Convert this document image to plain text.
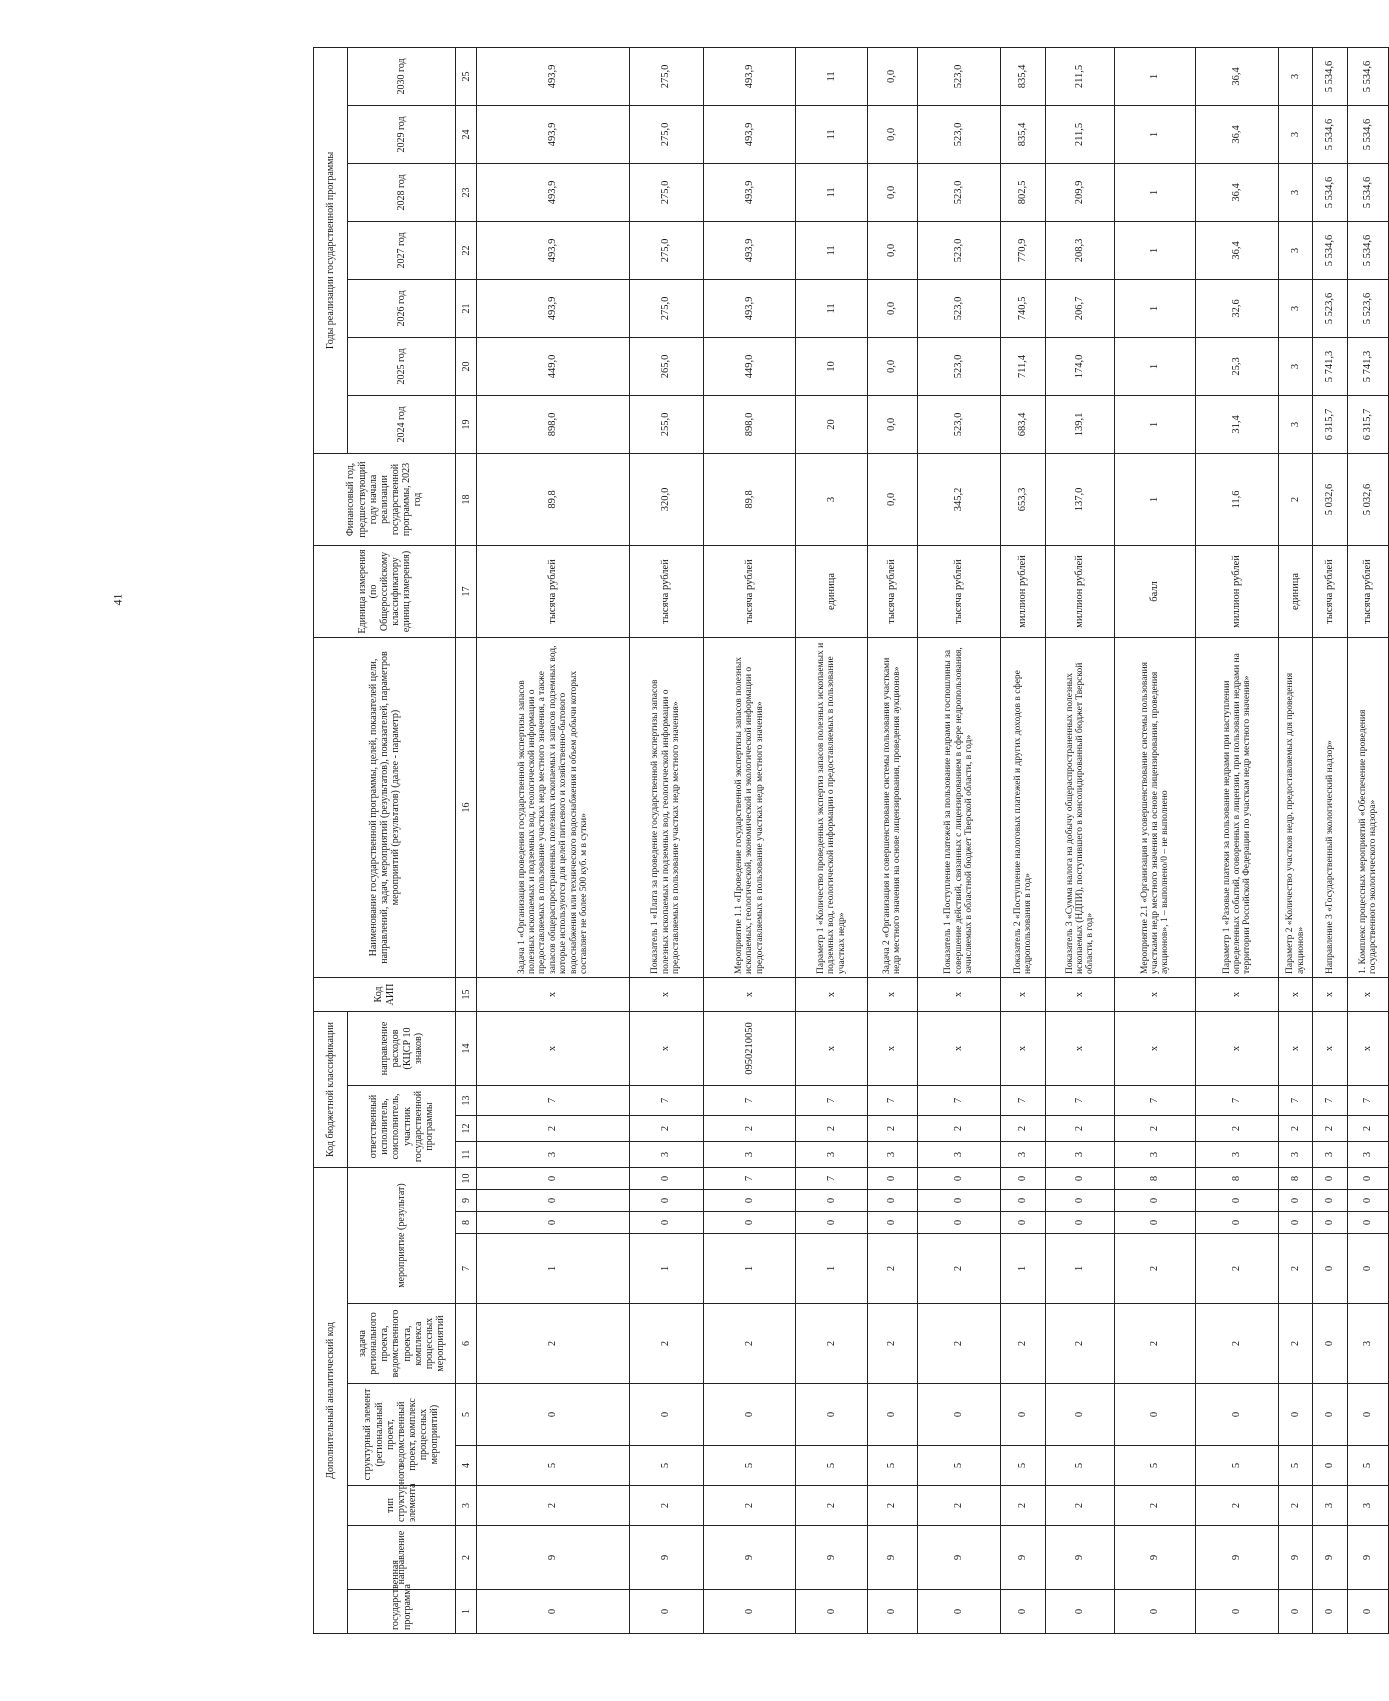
41
Дополнительный аналитический код										Код бюджетной классификации				Код АИП	Наименование государственной программы, целей, показателей цели, направлений, задач, мероприятий (результатов), показателей, параметров мероприятий (результатов) (далее - параметр)	Единица измерения (по Общероссийскому классификатору единиц измерения)	Финансовый год, предшествующий году начала реализации государственной программы, 2023 год	Годы реализации государственной программы						
государственная программа	направление	тип структурного элемента	структурный элемент (региональный проект, ведомственный проект, комплекс процессных мероприятий)		задача регионального проекта, ведомственного проекта, комплекса процессных мероприятий	мероприятие (результат)				ответственный исполнитель, соисполнитель, участник государственной программы			направление расходов (КЦСР 10 знаков)					2024 год	2025 год	2026 год	2027 год	2028 год	2029 год	2030 год

1	2	3	4	5	6	7	8	9	10	11	12	13	14	15	16	17	18	19	20	21	22	23	24	25
0	9	2	5	0	2	1	0	0	0	3	2	7	x	x	Задача 1 «Организация проведения государственной экспертизы запасов полезных ископаемых и подземных вод, геологической информации о предоставляемых в пользование участках недр местного значения, а также запасов общераспространенных полезных ископаемых и запасов подземных вод, которые используются для целей питьевого и хозяйственно-бытового водоснабжения или технического водоснабжения и объем добычи которых составляет не более 500 куб. м в сутки»	тысяча рублей	89,8	898,0	449,0	493,9	493,9	493,9	493,9	493,9
0	9	2	5	0	2	1	0	0	0	3	2	7	x	x	Показатель 1 «Плата за проведение государственной экспертизы запасов полезных ископаемых и подземных вод, геологической информации о предоставляемых в пользование участках недр местного значения»	тысяча рублей	320,0	255,0	265,0	275,0	275,0	275,0	275,0	275,0
0	9	2	5	0	2	1	0	0	7	3	2	7	0950210050	x	Мероприятие 1.1 «Проведение государственной экспертизы запасов полезных ископаемых, геологической, экономической и экологической информации о предоставляемых в пользование участках недр местного значения»	тысяча рублей	89,8	898,0	449,0	493,9	493,9	493,9	493,9	493,9
0	9	2	5	0	2	1	0	0	7	3	2	7	x	x	Параметр 1 «Количество проведенных экспертиз запасов полезных ископаемых и подземных вод, геологической информации о предоставляемых в пользование участках недр»	единица	3	20	10	11	11	11	11	11
0	9	2	5	0	2	2	0	0	0	3	2	7	x	x	Задача 2 «Организация и совершенствование системы пользования участками недр местного значения на основе лицензирования, проведения аукционов»	тысяча рублей	0,0	0,0	0,0	0,0	0,0	0,0	0,0	0,0
0	9	2	5	0	2	2	0	0	0	3	2	7	x	x	Показатель 1 «Поступление платежей за пользование недрами и госпошлины за совершение действий, связанных с лицензированием в сфере недропользования, зачисляемых в областной бюджет Тверской области, в год»	тысяча рублей	345,2	523,0	523,0	523,0	523,0	523,0	523,0	523,0
0	9	2	5	0	2	1	0	0	0	3	2	7	x	x	Показатель 2 «Поступление налоговых платежей и других доходов в сфере недропользования в год»	миллион рублей	653,3	683,4	711,4	740,5	770,9	802,5	835,4	835,4
0	9	2	5	0	2	1	0	0	0	3	2	7	x	x	Показатель 3 «Сумма налога на добычу общераспространенных полезных ископаемых (НДПИ), поступившего в консолидированный бюджет Тверской области, в год»	миллион рублей	137,0	139,1	174,0	206,7	208,3	209,9	211,5	211,5
0	9	2	5	0	2	2	0	0	8	3	2	7	x	x	Мероприятие 2.1 «Организация и усовершенствование системы пользования участками недр местного значения на основе лицензирования, проведения аукционов», 1 – выполнено/0 – не выполнено	балл	1	1	1	1	1	1	1	1
0	9	2	5	0	2	2	0	0	8	3	2	7	x	x	Параметр 1 «Разовые платежи за пользование недрами при наступлении определенных событий, оговоренных в лицензии, при пользовании недрами на территории Российской Федерации по участкам недр местного значения»	миллион рублей	11,6	31,4	25,3	32,6	36,4	36,4	36,4	36,4
0	9	2	5	0	2	2	0	0	8	3	2	7	x	x	Параметр 2 «Количество участков недр, предоставляемых для проведения аукционов»	единица	2	3	3	3	3	3	3	3
0	9	3	0	0	0	0	0	0	0	3	2	7	x	x	Направление 3 «Государственный экологический надзор»	тысяча рублей	5 032,6	6 315,7	5 741,3	5 523,6	5 534,6	5 534,6	5 534,6	5 534,6
0	9	3	5	0	3	0	0	0	0	3	2	7	x	x	1. Комплекс процессных мероприятий «Обеспечение проведения государственного экологического надзора»	тысяча рублей	5 032,6	6 315,7	5 741,3	5 523,6	5 534,6	5 534,6	5 534,6	5 534,6
